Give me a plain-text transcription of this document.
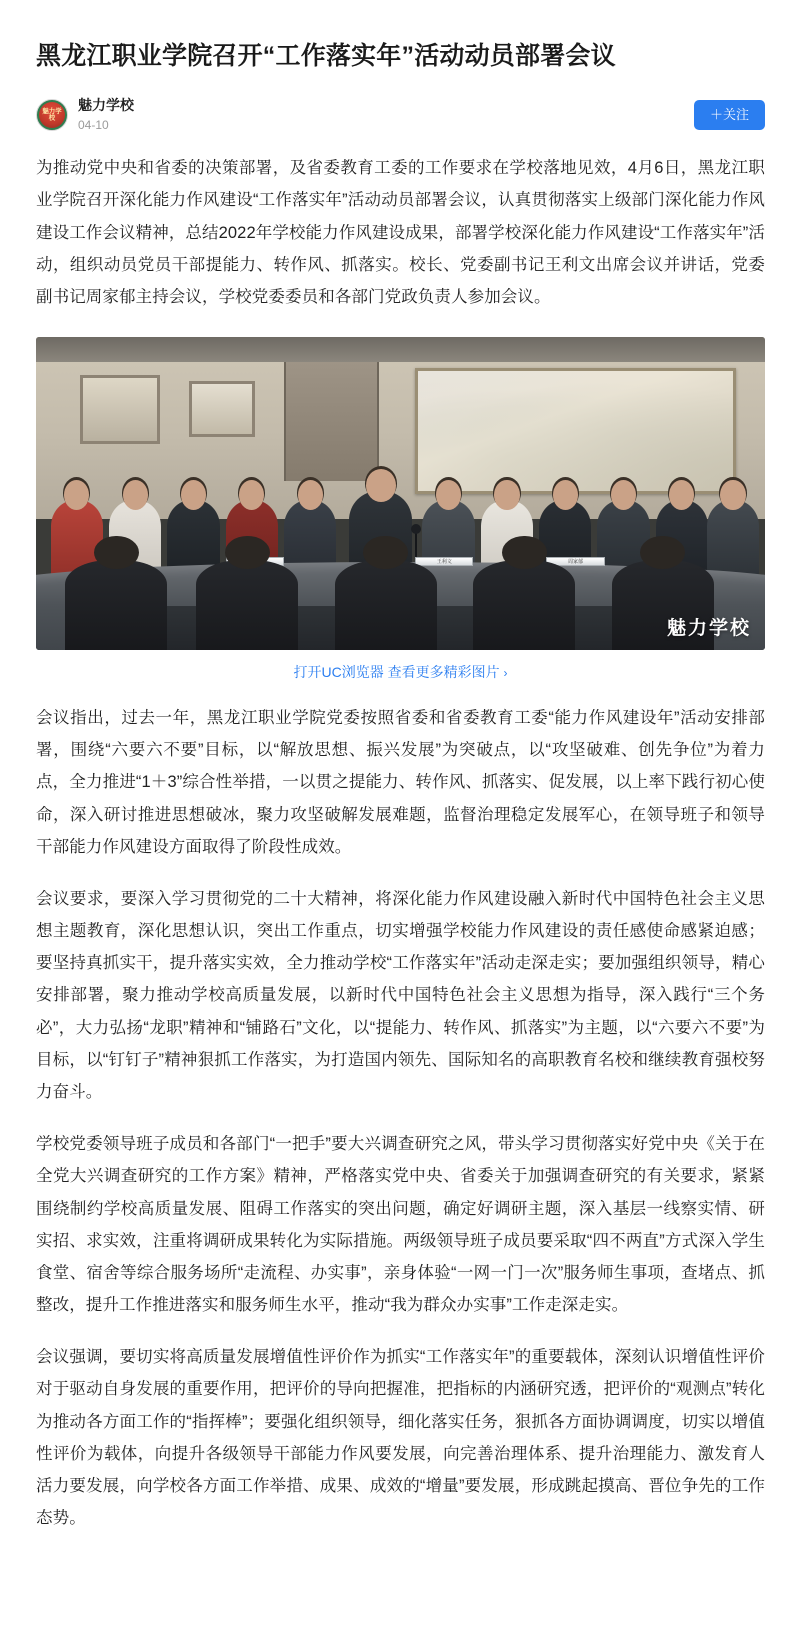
黑龙江职业学院召开“工作落实年”活动动员部署会议
魅力学校
魅力学校
04-10
＋关注

为推动党中央和省委的决策部署，及省委教育工委的工作要求在学校落地见效，4月6日，黑龙江职业学院召开深化能力作风建设“工作落实年”活动动员部署会议，认真贯彻落实上级部门深化能力作风建设工作会议精神，总结2022年学校能力作风建设成果，部署学校深化能力作风建设“工作落实年”活动，组织动员党员干部提能力、转作风、抓落实。校长、党委副书记王利文出席会议并讲话，党委副书记周家郁主持会议，学校党委委员和各部门党政负责人参加会议。

王利文	周家郁
魅力学校
打开UC浏览器 查看更多精彩图片 ›

会议指出，过去一年，黑龙江职业学院党委按照省委和省委教育工委“能力作风建设年”活动安排部署，围绕“六要六不要”目标，以“解放思想、振兴发展”为突破点，以“攻坚破难、创先争位”为着力点，全力推进“1＋3”综合性举措，一以贯之提能力、转作风、抓落实、促发展，以上率下践行初心使命，深入研讨推进思想破冰，聚力攻坚破解发展难题，监督治理稳定发展军心，在领导班子和领导干部能力作风建设方面取得了阶段性成效。

会议要求，要深入学习贯彻党的二十大精神，将深化能力作风建设融入新时代中国特色社会主义思想主题教育，深化思想认识，突出工作重点，切实增强学校能力作风建设的责任感使命感紧迫感；要坚持真抓实干，提升落实实效，全力推动学校“工作落实年”活动走深走实；要加强组织领导，精心安排部署，聚力推动学校高质量发展，以新时代中国特色社会主义思想为指导，深入践行“三个务必”，大力弘扬“龙职”精神和“铺路石”文化，以“提能力、转作风、抓落实”为主题，以“六要六不要”为目标，以“钉钉子”精神狠抓工作落实，为打造国内领先、国际知名的高职教育名校和继续教育强校努力奋斗。

学校党委领导班子成员和各部门“一把手”要大兴调查研究之风，带头学习贯彻落实好党中央《关于在全党大兴调查研究的工作方案》精神，严格落实党中央、省委关于加强调查研究的有关要求，紧紧围绕制约学校高质量发展、阻碍工作落实的突出问题，确定好调研主题，深入基层一线察实情、研实招、求实效，注重将调研成果转化为实际措施。两级领导班子成员要采取“四不两直”方式深入学生食堂、宿舍等综合服务场所“走流程、办实事”，亲身体验“一网一门一次”服务师生事项，查堵点、抓整改，提升工作推进落实和服务师生水平，推动“我为群众办实事”工作走深走实。

会议强调，要切实将高质量发展增值性评价作为抓实“工作落实年”的重要载体，深刻认识增值性评价对于驱动自身发展的重要作用，把评价的导向把握准，把指标的内涵研究透，把评价的“观测点”转化为推动各方面工作的“指挥棒”；要强化组织领导，细化落实任务，狠抓各方面协调调度，切实以增值性评价为载体，向提升各级领导干部能力作风要发展，向完善治理体系、提升治理能力、激发育人活力要发展，向学校各方面工作举措、成果、成效的“增量”要发展，形成跳起摸高、晋位争先的工作态势。
